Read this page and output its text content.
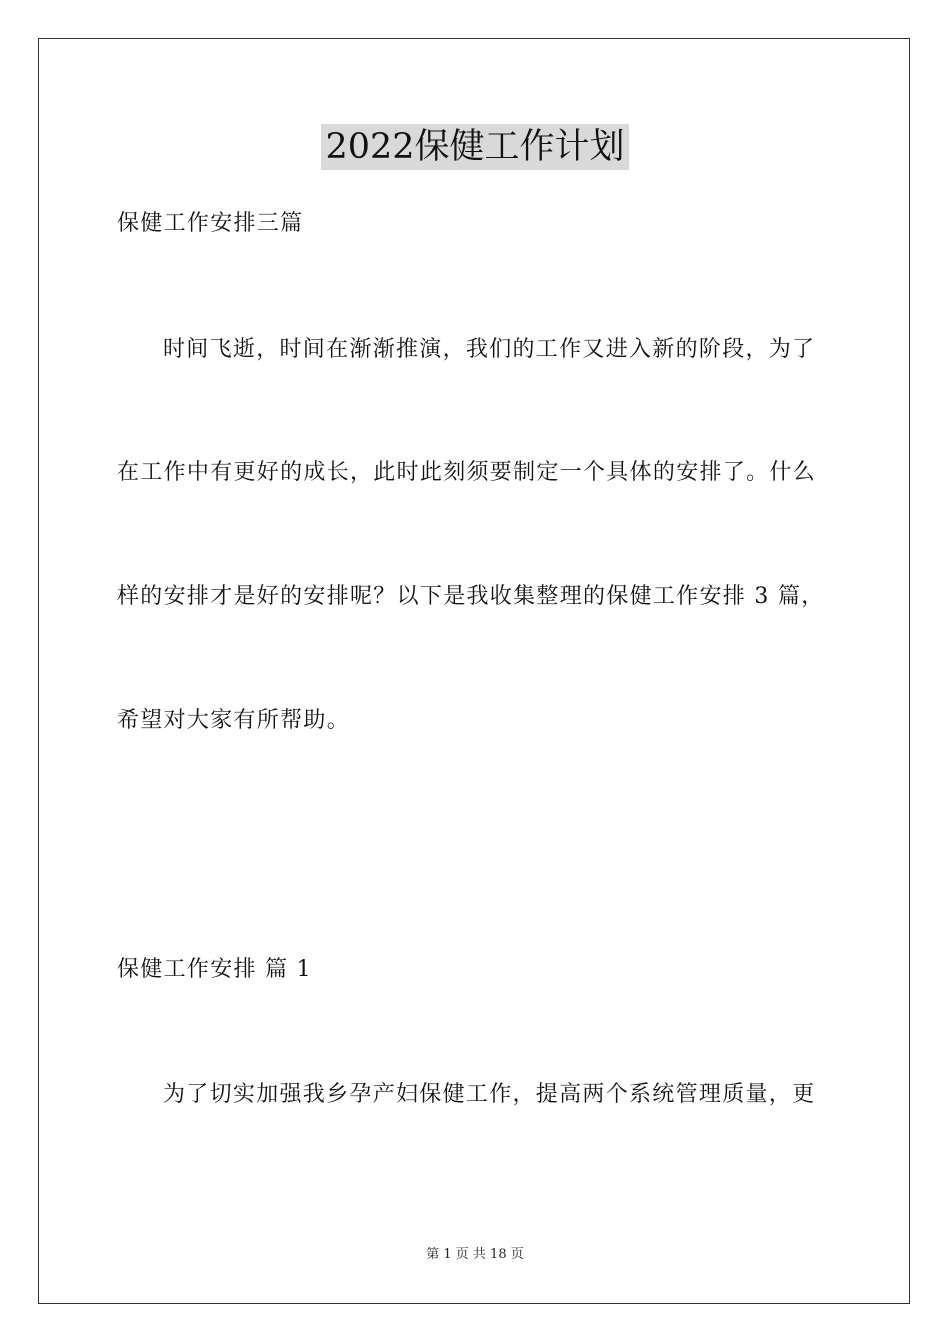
2022保健工作计划
保健工作安排三篇
时间飞逝，时间在渐渐推演，我们的工作又进入新的阶段，为了
在工作中有更好的成长，此时此刻须要制定一个具体的安排了。什么
样的安排才是好的安排呢？以下是我收集整理的保健工作安排 3 篇，
希望对大家有所帮助。
保健工作安排 篇 1
为了切实加强我乡孕产妇保健工作，提高两个系统管理质量，更
第 1 页 共 18 页
